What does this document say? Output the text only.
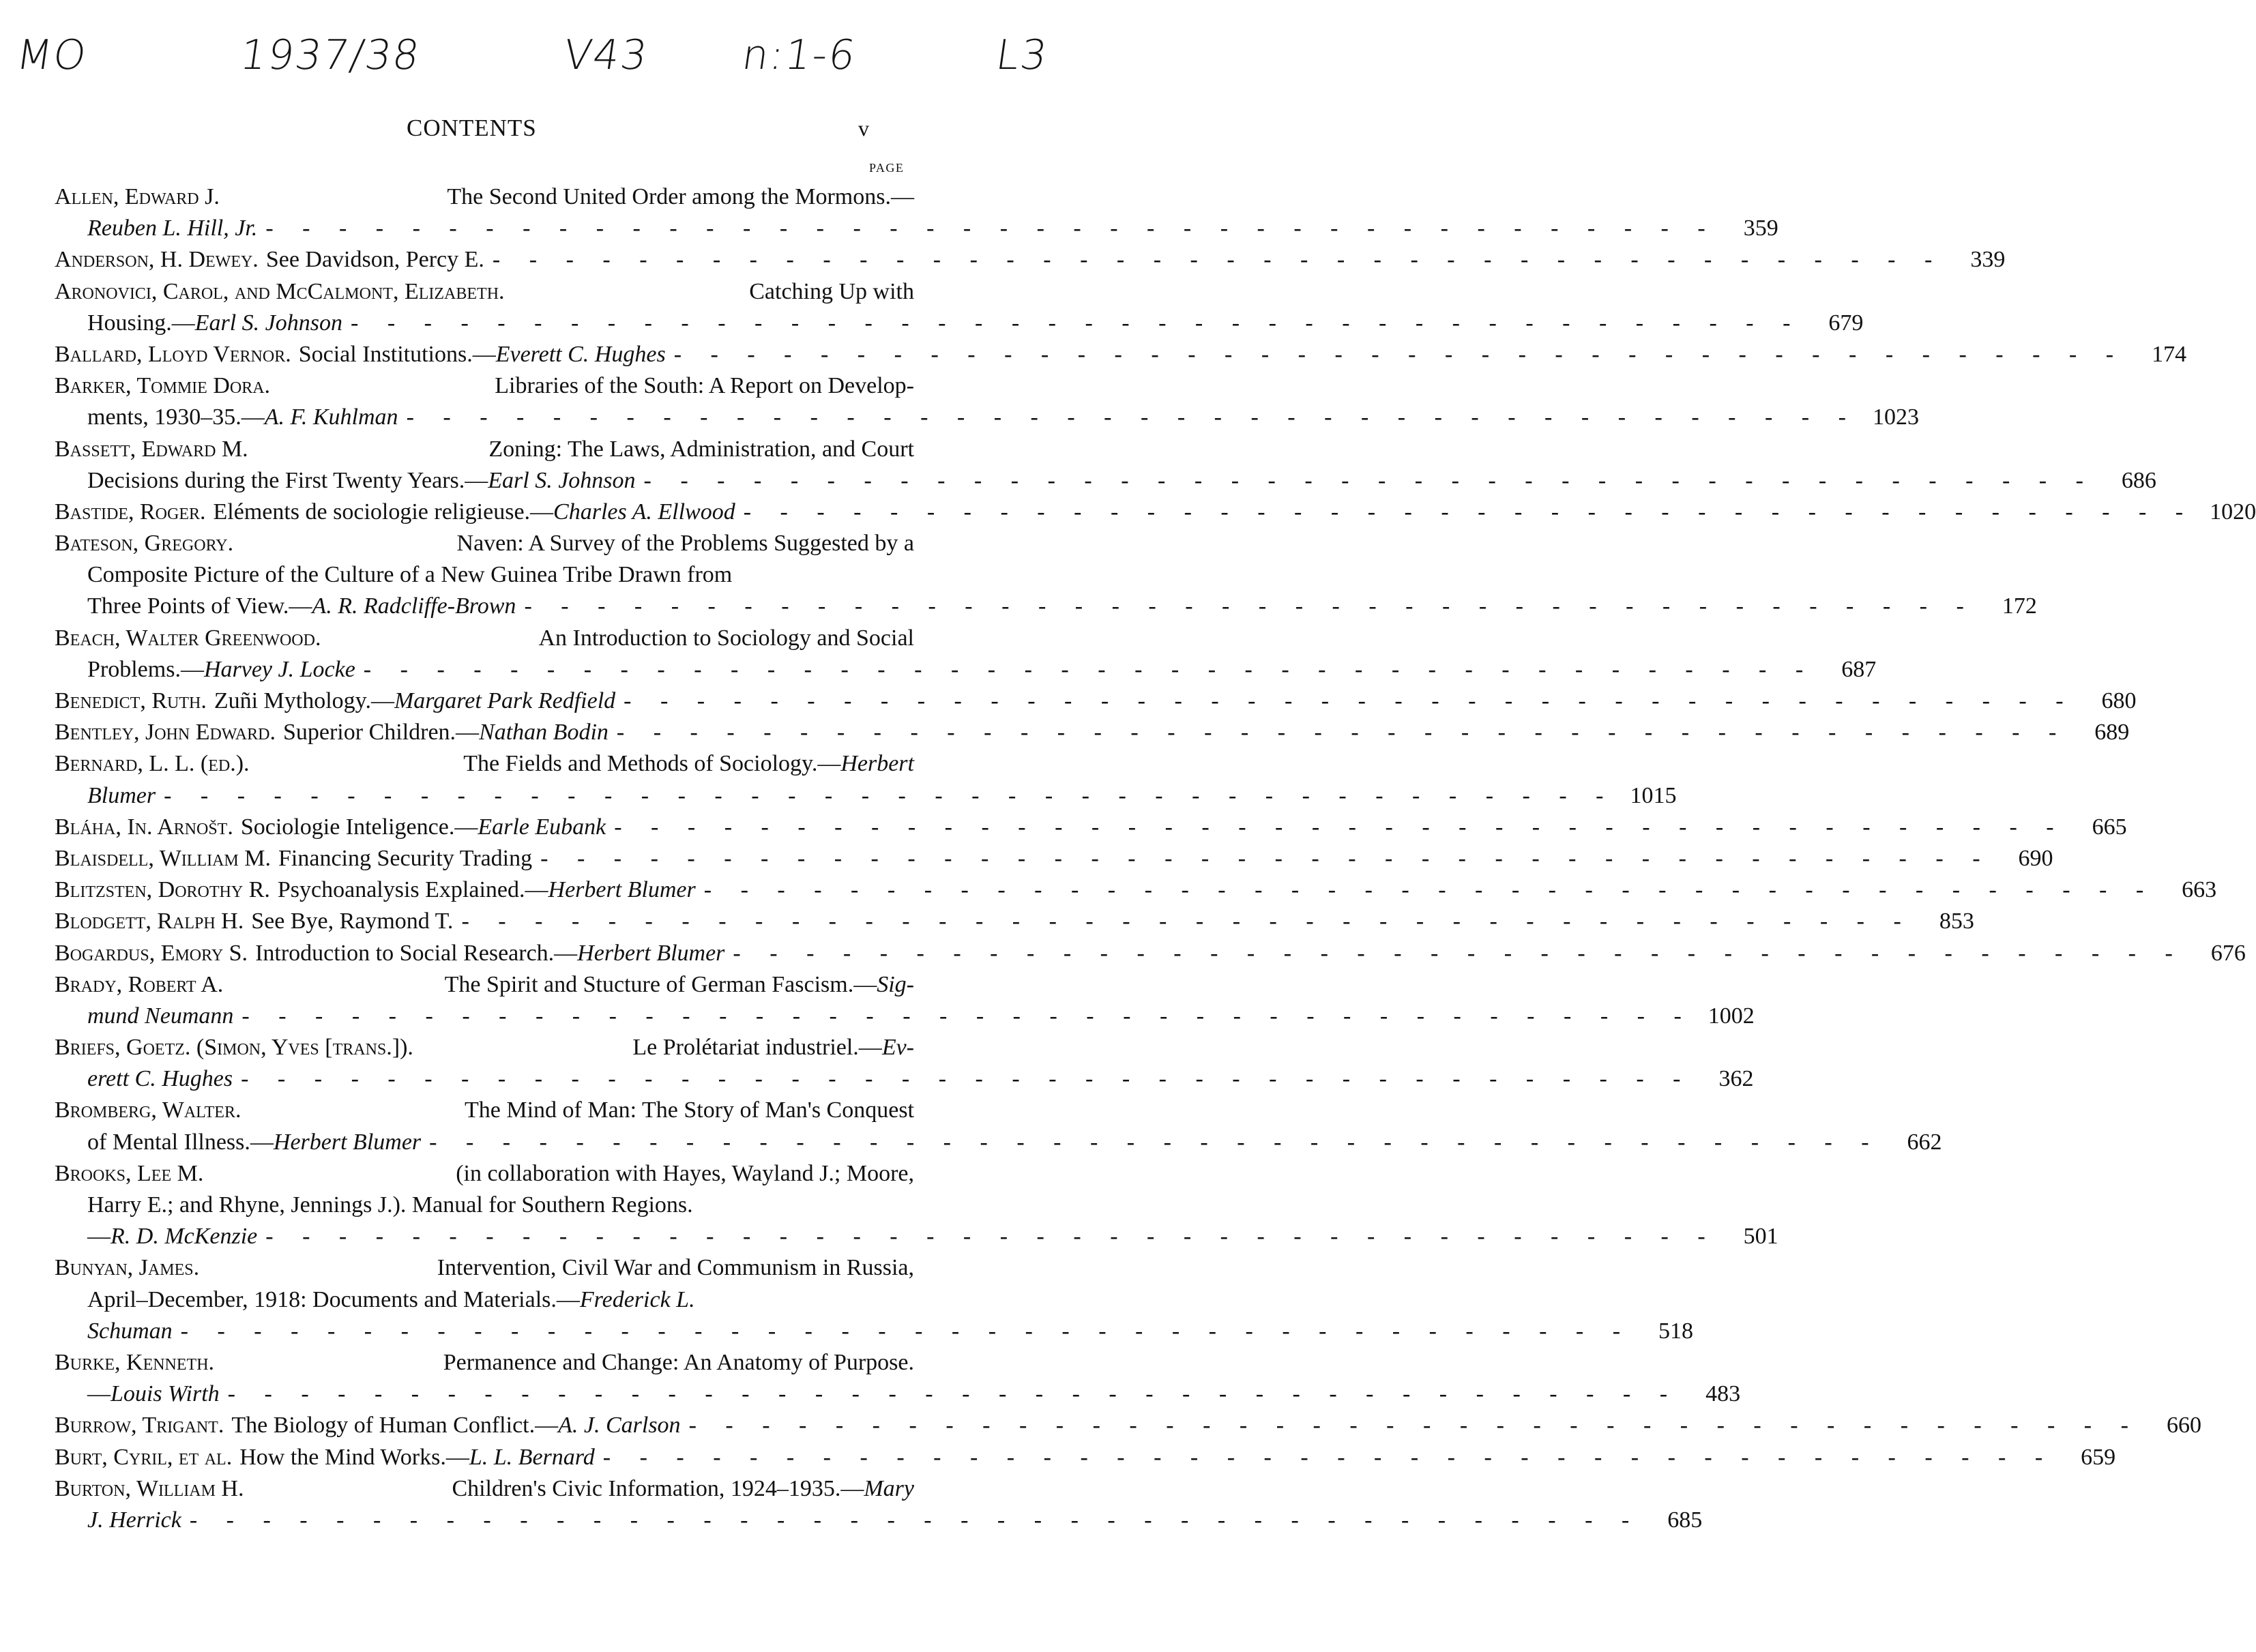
MO	1937/38	V43 n:1-6	L3
CONTENTS	v
PAGE
Allen, Edward J.	The Second United Order among the Mormons.—
Reuben L. Hill, Jr. - - - - - - - - - - - - - - - - - - - - - - - - - - - - - - - - - - - - - - - -	359
Anderson, H. Dewey. See Davidson, Percy E. - - - - - - - - - - - - - - - - - - - - - - - - - - - - - - - - - - - - - - - -	339
Aronovici, Carol, and McCalmont, Elizabeth.	Catching Up with
Housing.—Earl S. Johnson - - - - - - - - - - - - - - - - - - - - - - - - - - - - - - - - - - - - - - - -	679
Ballard, Lloyd Vernor. Social Institutions.—Everett C. Hughes - - - - - - - - - - - - - - - - - - - - - - - - - - - - - - - - - - - - - - - -	174
Barker, Tommie Dora.	Libraries of the South: A Report on Develop-
ments, 1930–35.—A. F. Kuhlman - - - - - - - - - - - - - - - - - - - - - - - - - - - - - - - - - - - - - - - - 1023
Bassett, Edward M.	Zoning: The Laws, Administration, and Court
Decisions during the First Twenty Years.—Earl S. Johnson - - - - - - - - - - - - - - - - - - - - - - - - - - - - - - - - - - - - - - - -	686
Bastide, Roger. Eléments de sociologie religieuse.—Charles A. Ellwood - - - - - - - - - - - - - - - - - - - - - - - - - - - - - - - - - - - - - - - - 1020
Bateson, Gregory.	Naven: A Survey of the Problems Suggested by a
Composite Picture of the Culture of a New Guinea Tribe Drawn from
Three Points of View.—A. R. Radcliffe-Brown - - - - - - - - - - - - - - - - - - - - - - - - - - - - - - - - - - - - - - - -	172
Beach, Walter Greenwood.	An Introduction to Sociology and Social
Problems.—Harvey J. Locke - - - - - - - - - - - - - - - - - - - - - - - - - - - - - - - - - - - - - - - -	687
Benedict, Ruth. Zuñi Mythology.—Margaret Park Redfield - - - - - - - - - - - - - - - - - - - - - - - - - - - - - - - - - - - - - - - -	680
Bentley, John Edward. Superior Children.—Nathan Bodin - - - - - - - - - - - - - - - - - - - - - - - - - - - - - - - - - - - - - - - -	689
Bernard, L. L. (ed.).	The Fields and Methods of Sociology.—Herbert
Blumer - - - - - - - - - - - - - - - - - - - - - - - - - - - - - - - - - - - - - - - - 1015
Bláha, In. Arnošt. Sociologie Inteligence.—Earle Eubank - - - - - - - - - - - - - - - - - - - - - - - - - - - - - - - - - - - - - - - -	665
Blaisdell, William M. Financing Security Trading - - - - - - - - - - - - - - - - - - - - - - - - - - - - - - - - - - - - - - - -	690
Blitzsten, Dorothy R. Psychoanalysis Explained.—Herbert Blumer - - - - - - - - - - - - - - - - - - - - - - - - - - - - - - - - - - - - - - - -	663
Blodgett, Ralph H. See Bye, Raymond T. - - - - - - - - - - - - - - - - - - - - - - - - - - - - - - - - - - - - - - - -	853
Bogardus, Emory S. Introduction to Social Research.—Herbert Blumer - - - - - - - - - - - - - - - - - - - - - - - - - - - - - - - - - - - - - - - -	676
Brady, Robert A.	The Spirit and Stucture of German Fascism.—Sig-
mund Neumann - - - - - - - - - - - - - - - - - - - - - - - - - - - - - - - - - - - - - - - - 1002
Briefs, Goetz. (Simon, Yves [trans.]).	Le Prolétariat industriel.—Ev-
erett C. Hughes - - - - - - - - - - - - - - - - - - - - - - - - - - - - - - - - - - - - - - - -	362
Bromberg, Walter.	The Mind of Man: The Story of Man's Conquest
of Mental Illness.—Herbert Blumer - - - - - - - - - - - - - - - - - - - - - - - - - - - - - - - - - - - - - - - -	662
Brooks, Lee M.	(in collaboration with Hayes, Wayland J.; Moore,
Harry E.; and Rhyne, Jennings J.). Manual for Southern Regions.
—R. D. McKenzie - - - - - - - - - - - - - - - - - - - - - - - - - - - - - - - - - - - - - - - -	501
Bunyan, James.	Intervention, Civil War and Communism in Russia,
April–December, 1918: Documents and Materials.—Frederick L.
Schuman - - - - - - - - - - - - - - - - - - - - - - - - - - - - - - - - - - - - - - - -	518
Burke, Kenneth.	Permanence and Change: An Anatomy of Purpose.
—Louis Wirth - - - - - - - - - - - - - - - - - - - - - - - - - - - - - - - - - - - - - - - -	483
Burrow, Trigant. The Biology of Human Conflict.—A. J. Carlson - - - - - - - - - - - - - - - - - - - - - - - - - - - - - - - - - - - - - - - -	660
Burt, Cyril, et al. How the Mind Works.—L. L. Bernard - - - - - - - - - - - - - - - - - - - - - - - - - - - - - - - - - - - - - - - -	659
Burton, William H.	Children's Civic Information, 1924–1935.—Mary
J. Herrick - - - - - - - - - - - - - - - - - - - - - - - - - - - - - - - - - - - - - - - -	685
